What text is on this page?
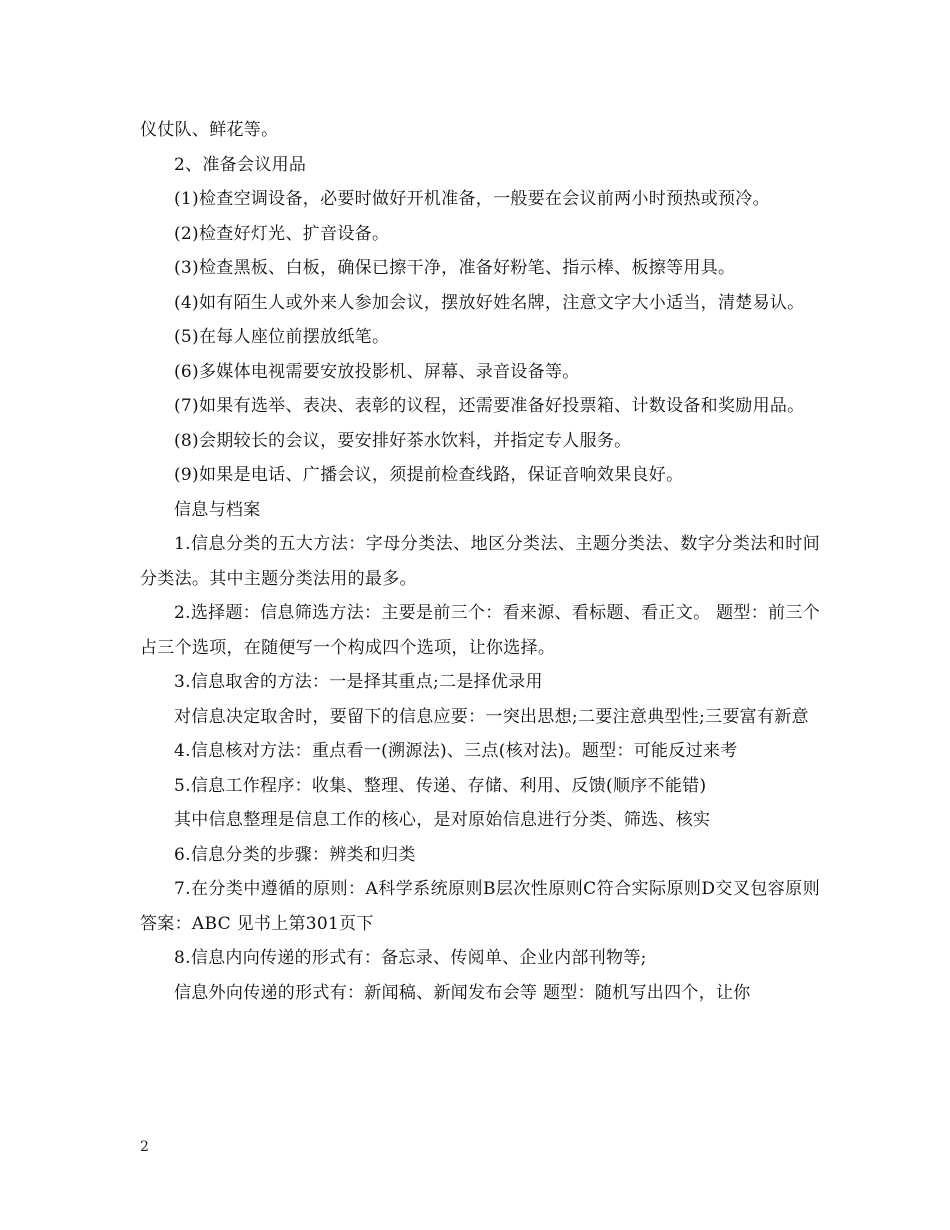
仪仗队、鲜花等。

2、准备会议用品

(1)检查空调设备，必要时做好开机准备，一般要在会议前两小时预热或预冷。

(2)检查好灯光、扩音设备。

(3)检查黑板、白板，确保已擦干净，准备好粉笔、指示棒、板擦等用具。

(4)如有陌生人或外来人参加会议，摆放好姓名牌，注意文字大小适当，清楚易认。

(5)在每人座位前摆放纸笔。

(6)多媒体电视需要安放投影机、屏幕、录音设备等。

(7)如果有选举、表决、表彰的议程，还需要准备好投票箱、计数设备和奖励用品。

(8)会期较长的会议，要安排好茶水饮料，并指定专人服务。

(9)如果是电话、广播会议，须提前检查线路，保证音响效果良好。

信息与档案

1.信息分类的五大方法：字母分类法、地区分类法、主题分类法、数字分类法和时间分类法。其中主题分类法用的最多。

2.选择题：信息筛选方法：主要是前三个：看来源、看标题、看正文。 题型：前三个占三个选项，在随便写一个构成四个选项，让你选择。

3.信息取舍的方法：一是择其重点;二是择优录用

对信息决定取舍时，要留下的信息应要：一突出思想;二要注意典型性;三要富有新意

4.信息核对方法：重点看一(溯源法)、三点(核对法)。题型：可能反过来考

5.信息工作程序：收集、整理、传递、存储、利用、反馈(顺序不能错)

其中信息整理是信息工作的核心，是对原始信息进行分类、筛选、核实

6.信息分类的步骤：辨类和归类

7.在分类中遵循的原则：A科学系统原则B层次性原则C符合实际原则D交叉包容原则 答案：ABC 见书上第301页下

8.信息内向传递的形式有：备忘录、传阅单、企业内部刊物等;

信息外向传递的形式有：新闻稿、新闻发布会等 题型：随机写出四个，让你

2
